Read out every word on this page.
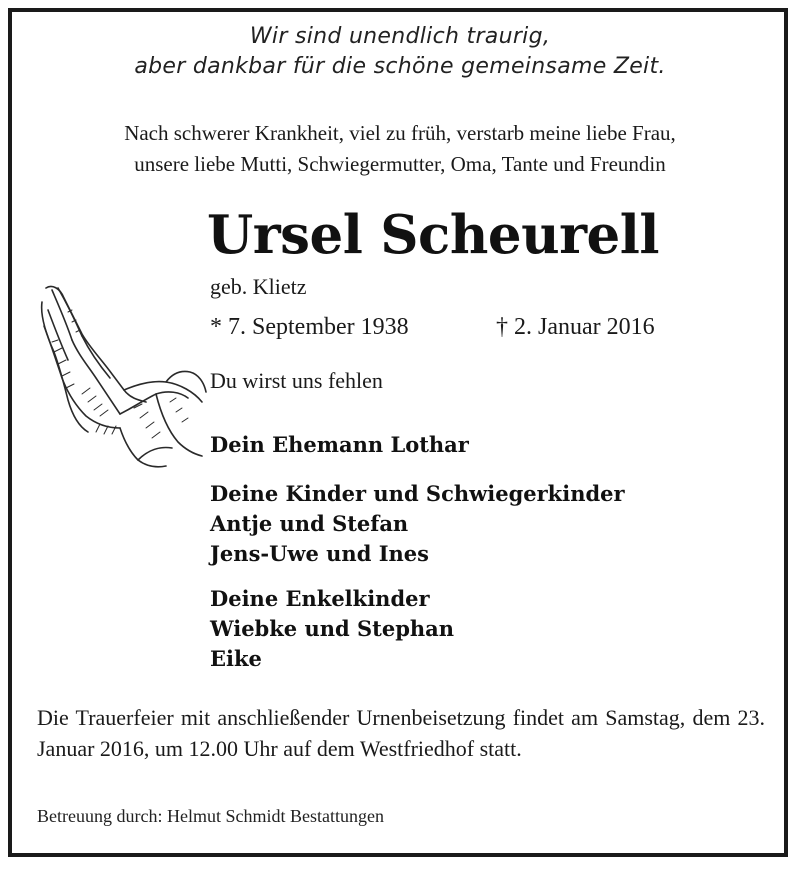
Wir sind unendlich traurig,
aber dankbar für die schöne gemeinsame Zeit.
Nach schwerer Krankheit, viel zu früh, verstarb meine liebe Frau,
unsere liebe Mutti, Schwiegermutter, Oma, Tante und Freundin
Ursel Scheurell
geb. Klietz
* 7. September 1938	† 2. Januar 2016
Du wirst uns fehlen
Dein Ehemann Lothar
Deine Kinder und Schwiegerkinder
Antje und Stefan
Jens-Uwe und Ines
Deine Enkelkinder
Wiebke und Stephan
Eike
Die Trauerfeier mit anschließender Urnenbeisetzung findet am Samstag, dem 23. Januar 2016, um 12.00 Uhr auf dem Westfriedhof statt.
Betreuung durch: Helmut Schmidt Bestattungen
